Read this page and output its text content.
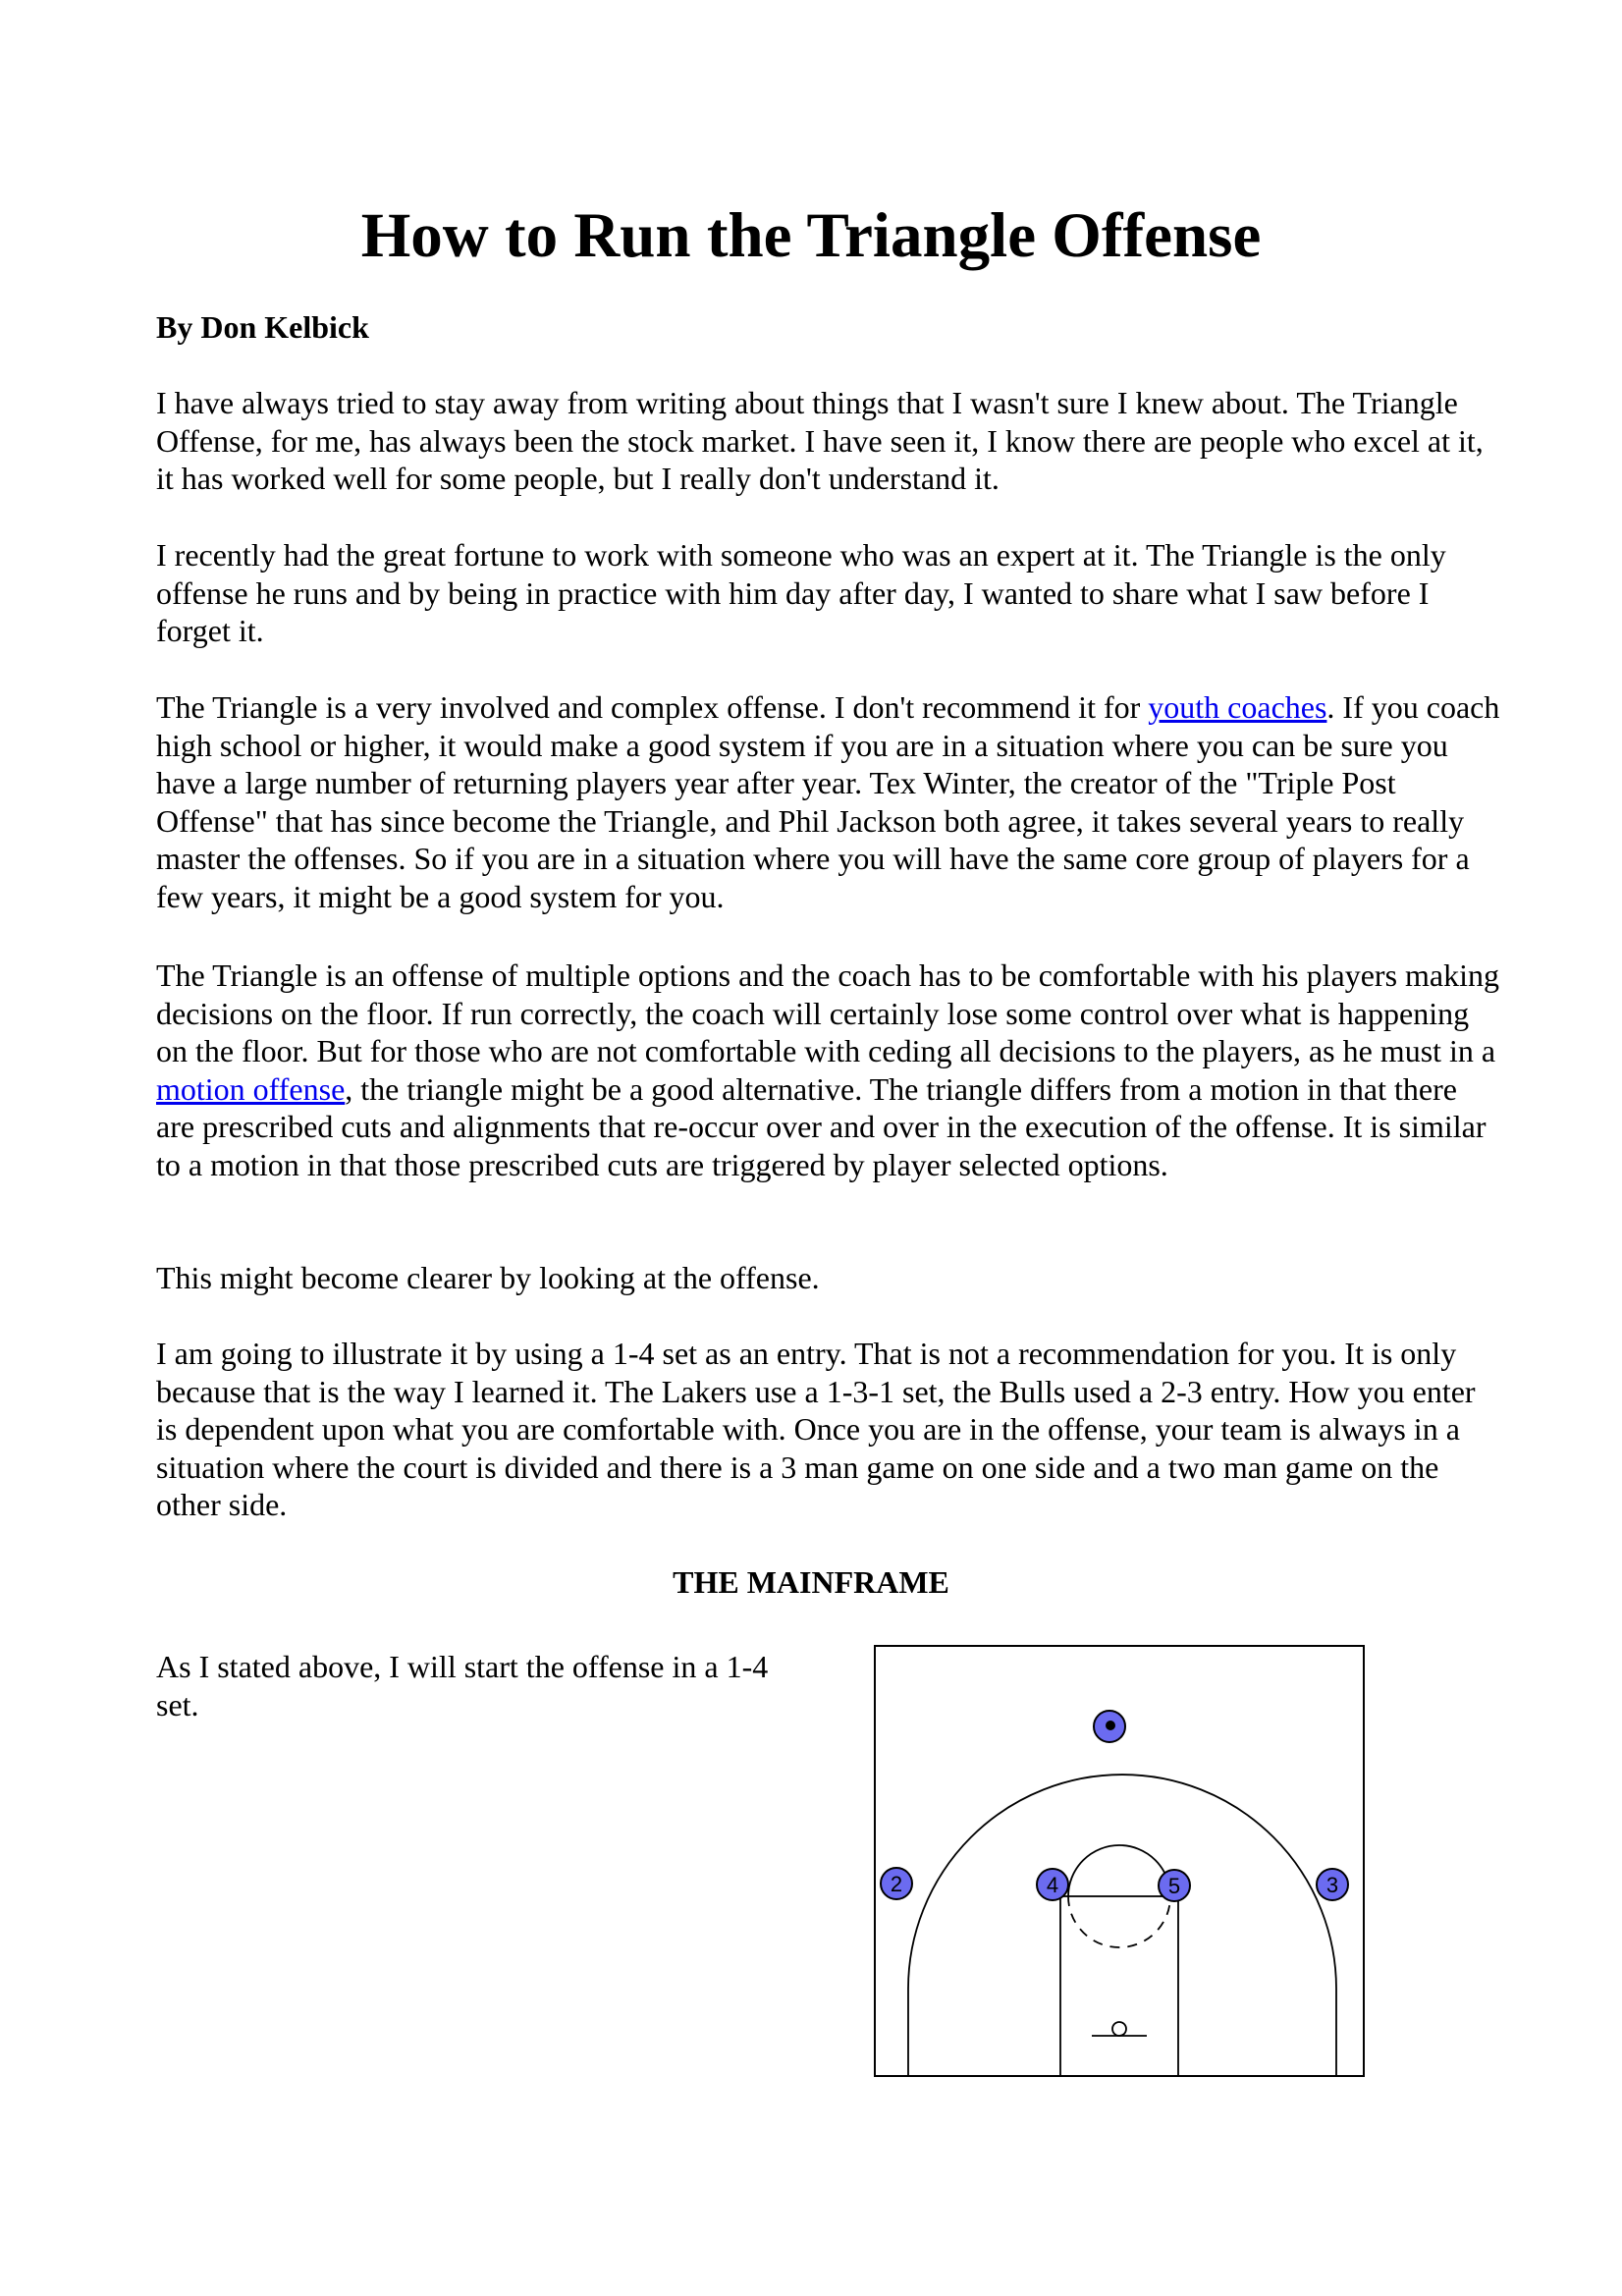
How to Run the Triangle Offense

By Don Kelbick

I have always tried to stay away from writing about things that I wasn't sure I knew about. The Triangle Offense, for me, has always been the stock market. I have seen it, I know there are people who excel at it, it has worked well for some people, but I really don't understand it.

I recently had the great fortune to work with someone who was an expert at it. The Triangle is the only offense he runs and by being in practice with him day after day, I wanted to share what I saw before I forget it.

The Triangle is a very involved and complex offense. I don't recommend it for youth coaches. If you coach high school or higher, it would make a good system if you are in a situation where you can be sure you have a large number of returning players year after year. Tex Winter, the creator of the "Triple Post Offense" that has since become the Triangle, and Phil Jackson both agree, it takes several years to really master the offenses. So if you are in a situation where you will have the same core group of players for a few years, it might be a good system for you.

The Triangle is an offense of multiple options and the coach has to be comfortable with his players making decisions on the floor. If run correctly, the coach will certainly lose some control over what is happening on the floor. But for those who are not comfortable with ceding all decisions to the players, as he must in a motion offense, the triangle might be a good alternative. The triangle differs from a motion in that there are prescribed cuts and alignments that re-occur over and over in the execution of the offense. It is similar to a motion in that those prescribed cuts are triggered by player selected options.

This might become clearer by looking at the offense.

I am going to illustrate it by using a 1-4 set as an entry. That is not a recommendation for you. It is only because that is the way I learned it. The Lakers use a 1-3-1 set, the Bulls used a 2-3 entry. How you enter is dependent upon what you are comfortable with. Once you are in the offense, your team is always in a situation where the court is divided and there is a 3 man game on one side and a two man game on the other side.

THE MAINFRAME

As I stated above, I will start the offense in a 1-4 set.

2	4	5	3
